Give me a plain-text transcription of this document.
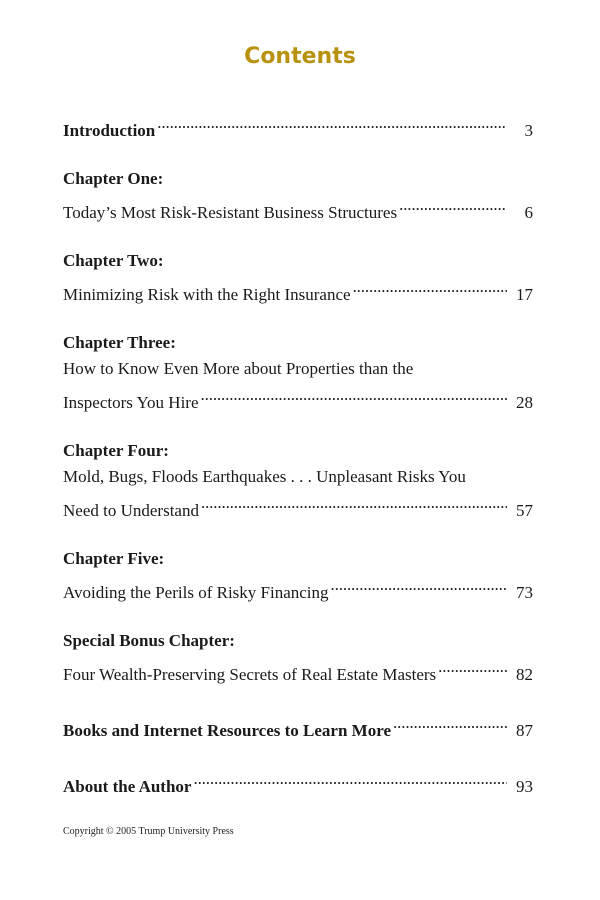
Contents
Introduction . . .	3
Chapter One:
Today’s Most Risk-Resistant Business Structures . . .	6
Chapter Two:
Minimizing Risk with the Right Insurance . . .	17
Chapter Three:
How to Know Even More about Properties than the
Inspectors You Hire . . .	28
Chapter Four:
Mold, Bugs, Floods Earthquakes . . . Unpleasant Risks You
Need to Understand . . .	57
Chapter Five:
Avoiding the Perils of Risky Financing . . .	73
Special Bonus Chapter:
Four Wealth-Preserving Secrets of Real Estate Masters . . .	82
Books and Internet Resources to Learn More . . .	87
About the Author . . .	93
Copyright © 2005 Trump University Press
